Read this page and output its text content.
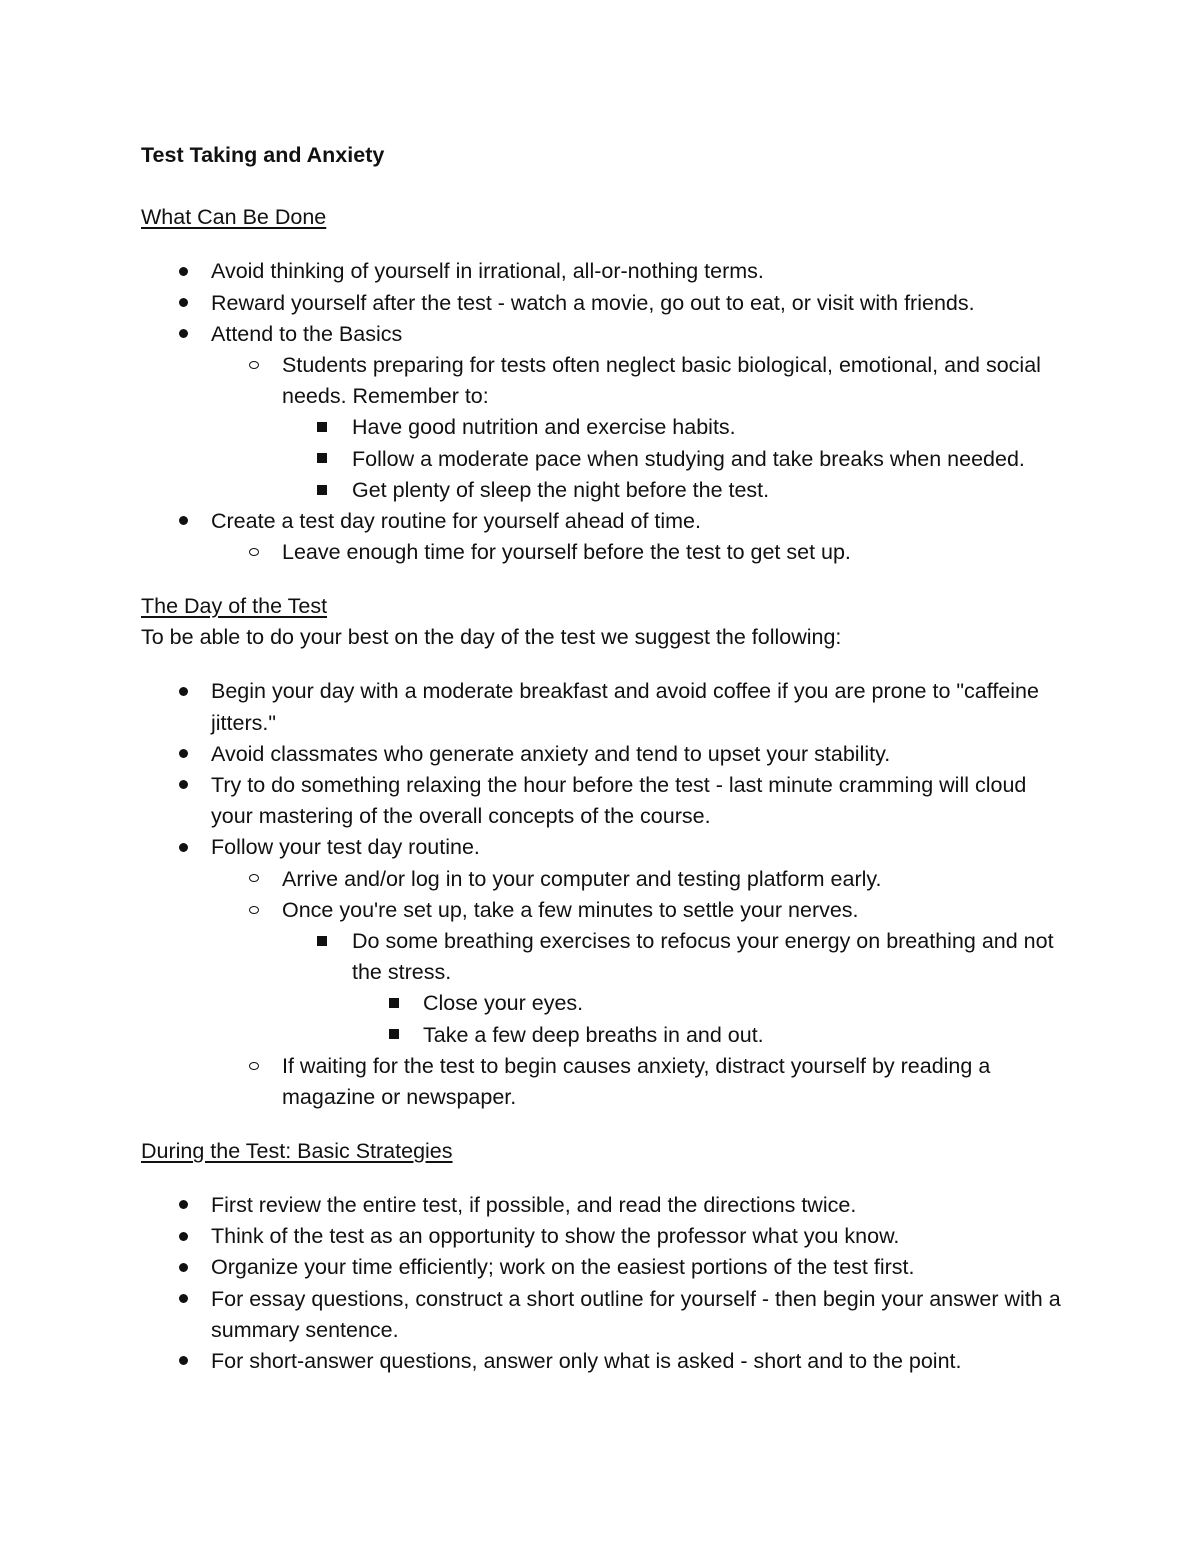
Test Taking and Anxiety

What Can Be Done

Avoid thinking of yourself in irrational, all-or-nothing terms.
Reward yourself after the test - watch a movie, go out to eat, or visit with friends.
Attend to the Basics
Students preparing for tests often neglect basic biological, emotional, and social needs. Remember to:
Have good nutrition and exercise habits.
Follow a moderate pace when studying and take breaks when needed.
Get plenty of sleep the night before the test.
Create a test day routine for yourself ahead of time.
Leave enough time for yourself before the test to get set up.

The Day of the Test

To be able to do your best on the day of the test we suggest the following:

Begin your day with a moderate breakfast and avoid coffee if you are prone to "caffeine jitters."
Avoid classmates who generate anxiety and tend to upset your stability.
Try to do something relaxing the hour before the test - last minute cramming will cloud your mastering of the overall concepts of the course.
Follow your test day routine.
Arrive and/or log in to your computer and testing platform early.
Once you're set up, take a few minutes to settle your nerves.
Do some breathing exercises to refocus your energy on breathing and not the stress.
Close your eyes.
Take a few deep breaths in and out.
If waiting for the test to begin causes anxiety, distract yourself by reading a magazine or newspaper.

During the Test: Basic Strategies

First review the entire test, if possible, and read the directions twice.
Think of the test as an opportunity to show the professor what you know.
Organize your time efficiently; work on the easiest portions of the test first.
For essay questions, construct a short outline for yourself - then begin your answer with a summary sentence.
For short-answer questions, answer only what is asked - short and to the point.
